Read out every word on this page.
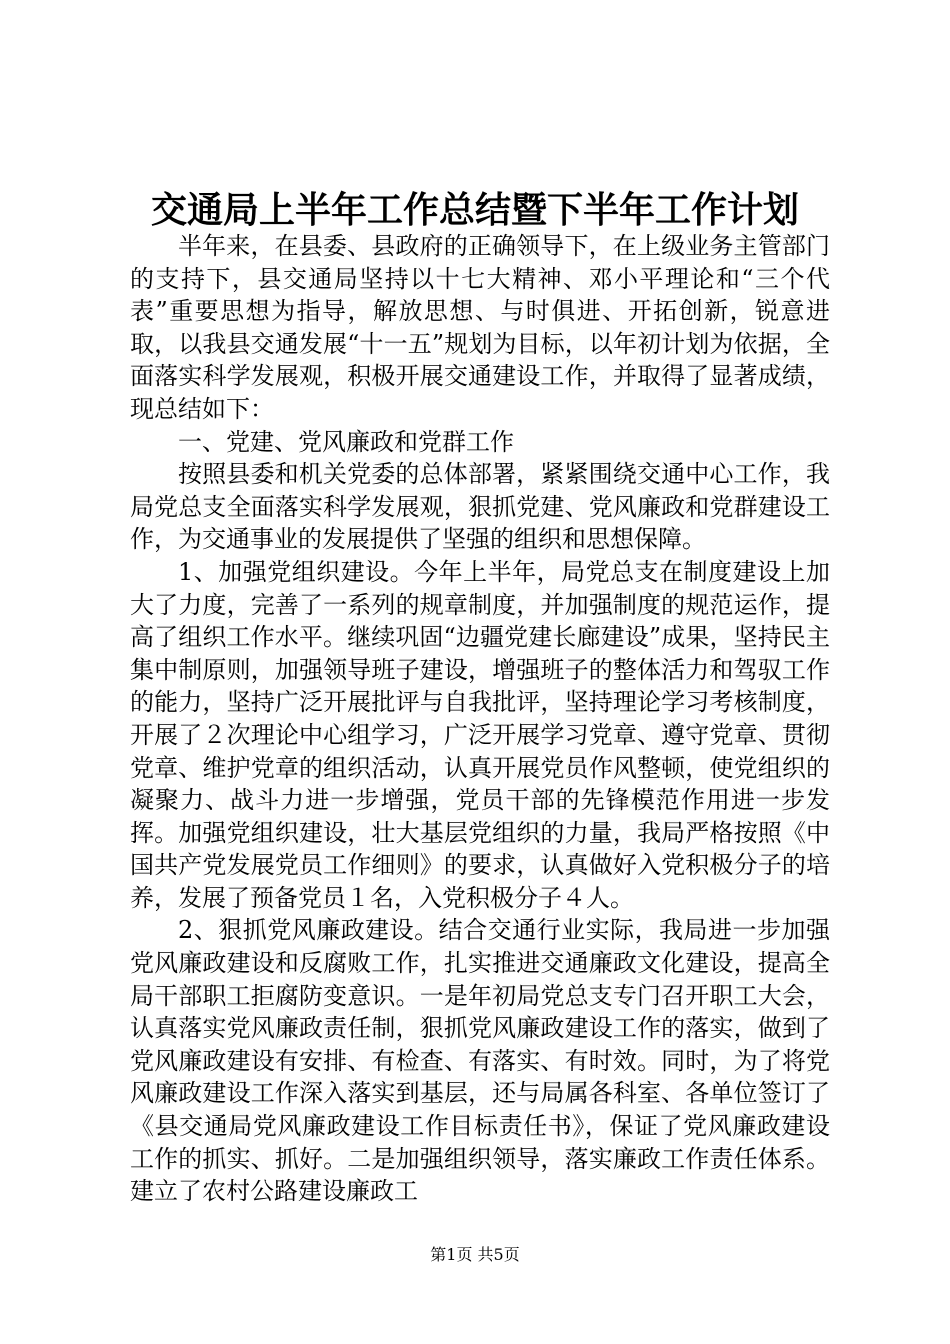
交通局上半年工作总结暨下半年工作计划

半年来，在县委、县政府的正确领导下，在上级业务主管部门的支持下，县交通局坚持以十七大精神、邓小平理论和“三个代表”重要思想为指导，解放思想、与时俱进、开拓创新，锐意进取，以我县交通发展“十一五”规划为目标，以年初计划为依据，全面落实科学发展观，积极开展交通建设工作，并取得了显著成绩，现总结如下：

一、党建、党风廉政和党群工作

按照县委和机关党委的总体部署，紧紧围绕交通中心工作，我局党总支全面落实科学发展观，狠抓党建、党风廉政和党群建设工作，为交通事业的发展提供了坚强的组织和思想保障。

1、加强党组织建设。今年上半年，局党总支在制度建设上加大了力度，完善了一系列的规章制度，并加强制度的规范运作，提高了组织工作水平。继续巩固“边疆党建长廊建设”成果，坚持民主集中制原则，加强领导班子建设，增强班子的整体活力和驾驭工作的能力，坚持广泛开展批评与自我批评，坚持理论学习考核制度，开展了２次理论中心组学习，广泛开展学习党章、遵守党章、贯彻党章、维护党章的组织活动，认真开展党员作风整顿，使党组织的凝聚力、战斗力进一步增强，党员干部的先锋模范作用进一步发挥。加强党组织建设，壮大基层党组织的力量，我局严格按照《中国共产党发展党员工作细则》的要求，认真做好入党积极分子的培养，发展了预备党员１名，入党积极分子４人。

2、狠抓党风廉政建设。结合交通行业实际，我局进一步加强党风廉政建设和反腐败工作，扎实推进交通廉政文化建设，提高全局干部职工拒腐防变意识。一是年初局党总支专门召开职工大会，认真落实党风廉政责任制，狠抓党风廉政建设工作的落实，做到了党风廉政建设有安排、有检查、有落实、有时效。同时，为了将党风廉政建设工作深入落实到基层，还与局属各科室、各单位签订了《县交通局党风廉政建设工作目标责任书》，保证了党风廉政建设工作的抓实、抓好。二是加强组织领导，落实廉政工作责任体系。建立了农村公路建设廉政工

第1页 共5页
